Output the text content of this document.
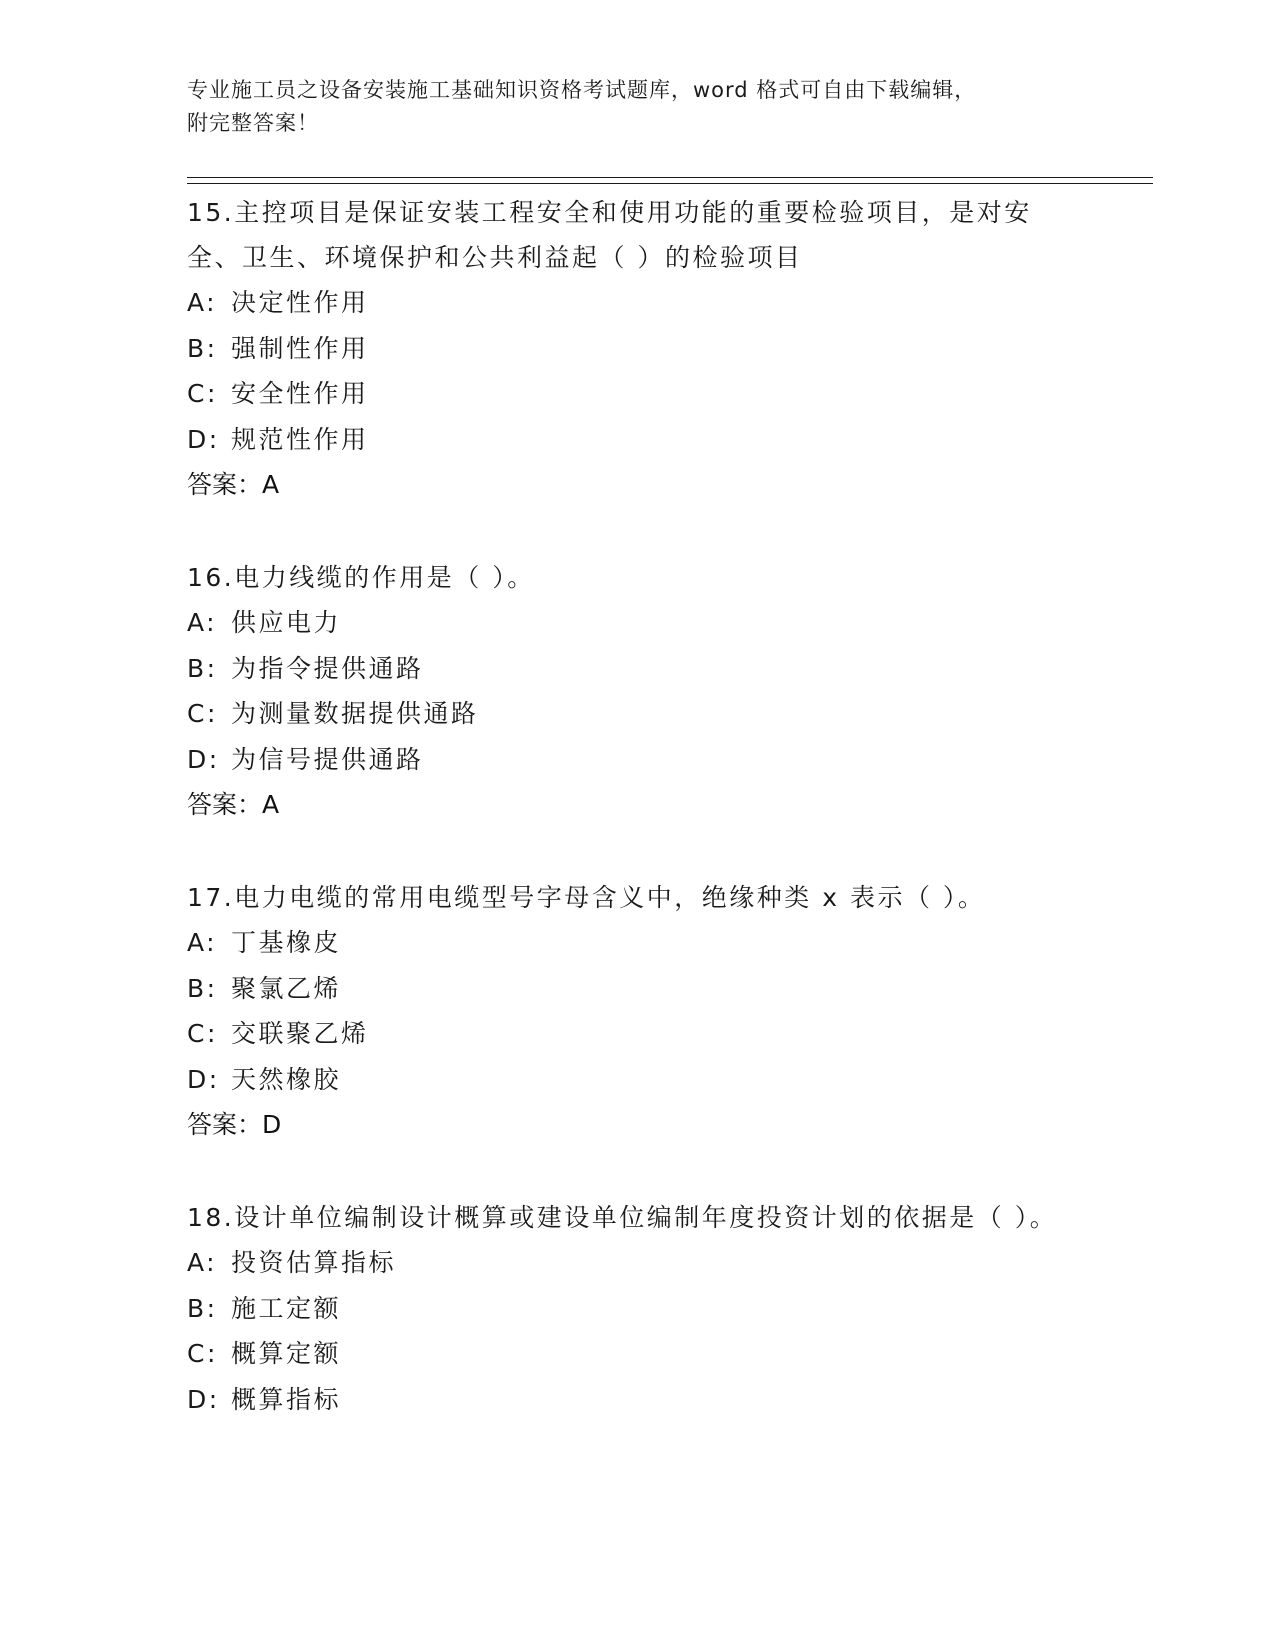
专业施工员之设备安装施工基础知识资格考试题库，word 格式可自由下载编辑，
附完整答案！
15.主控项目是保证安装工程安全和使用功能的重要检验项目，是对安全、卫生、环境保护和公共利益起（ ）的检验项目
A: 决定性作用
B: 强制性作用
C: 安全性作用
D: 规范性作用
答案：A
16.电力线缆的作用是（ ）。
A: 供应电力
B: 为指令提供通路
C: 为测量数据提供通路
D: 为信号提供通路
答案：A
17.电力电缆的常用电缆型号字母含义中，绝缘种类 x 表示（ ）。
A: 丁基橡皮
B: 聚氯乙烯
C: 交联聚乙烯
D: 天然橡胶
答案：D
18.设计单位编制设计概算或建设单位编制年度投资计划的依据是（ ）。
A: 投资估算指标
B: 施工定额
C: 概算定额
D: 概算指标
